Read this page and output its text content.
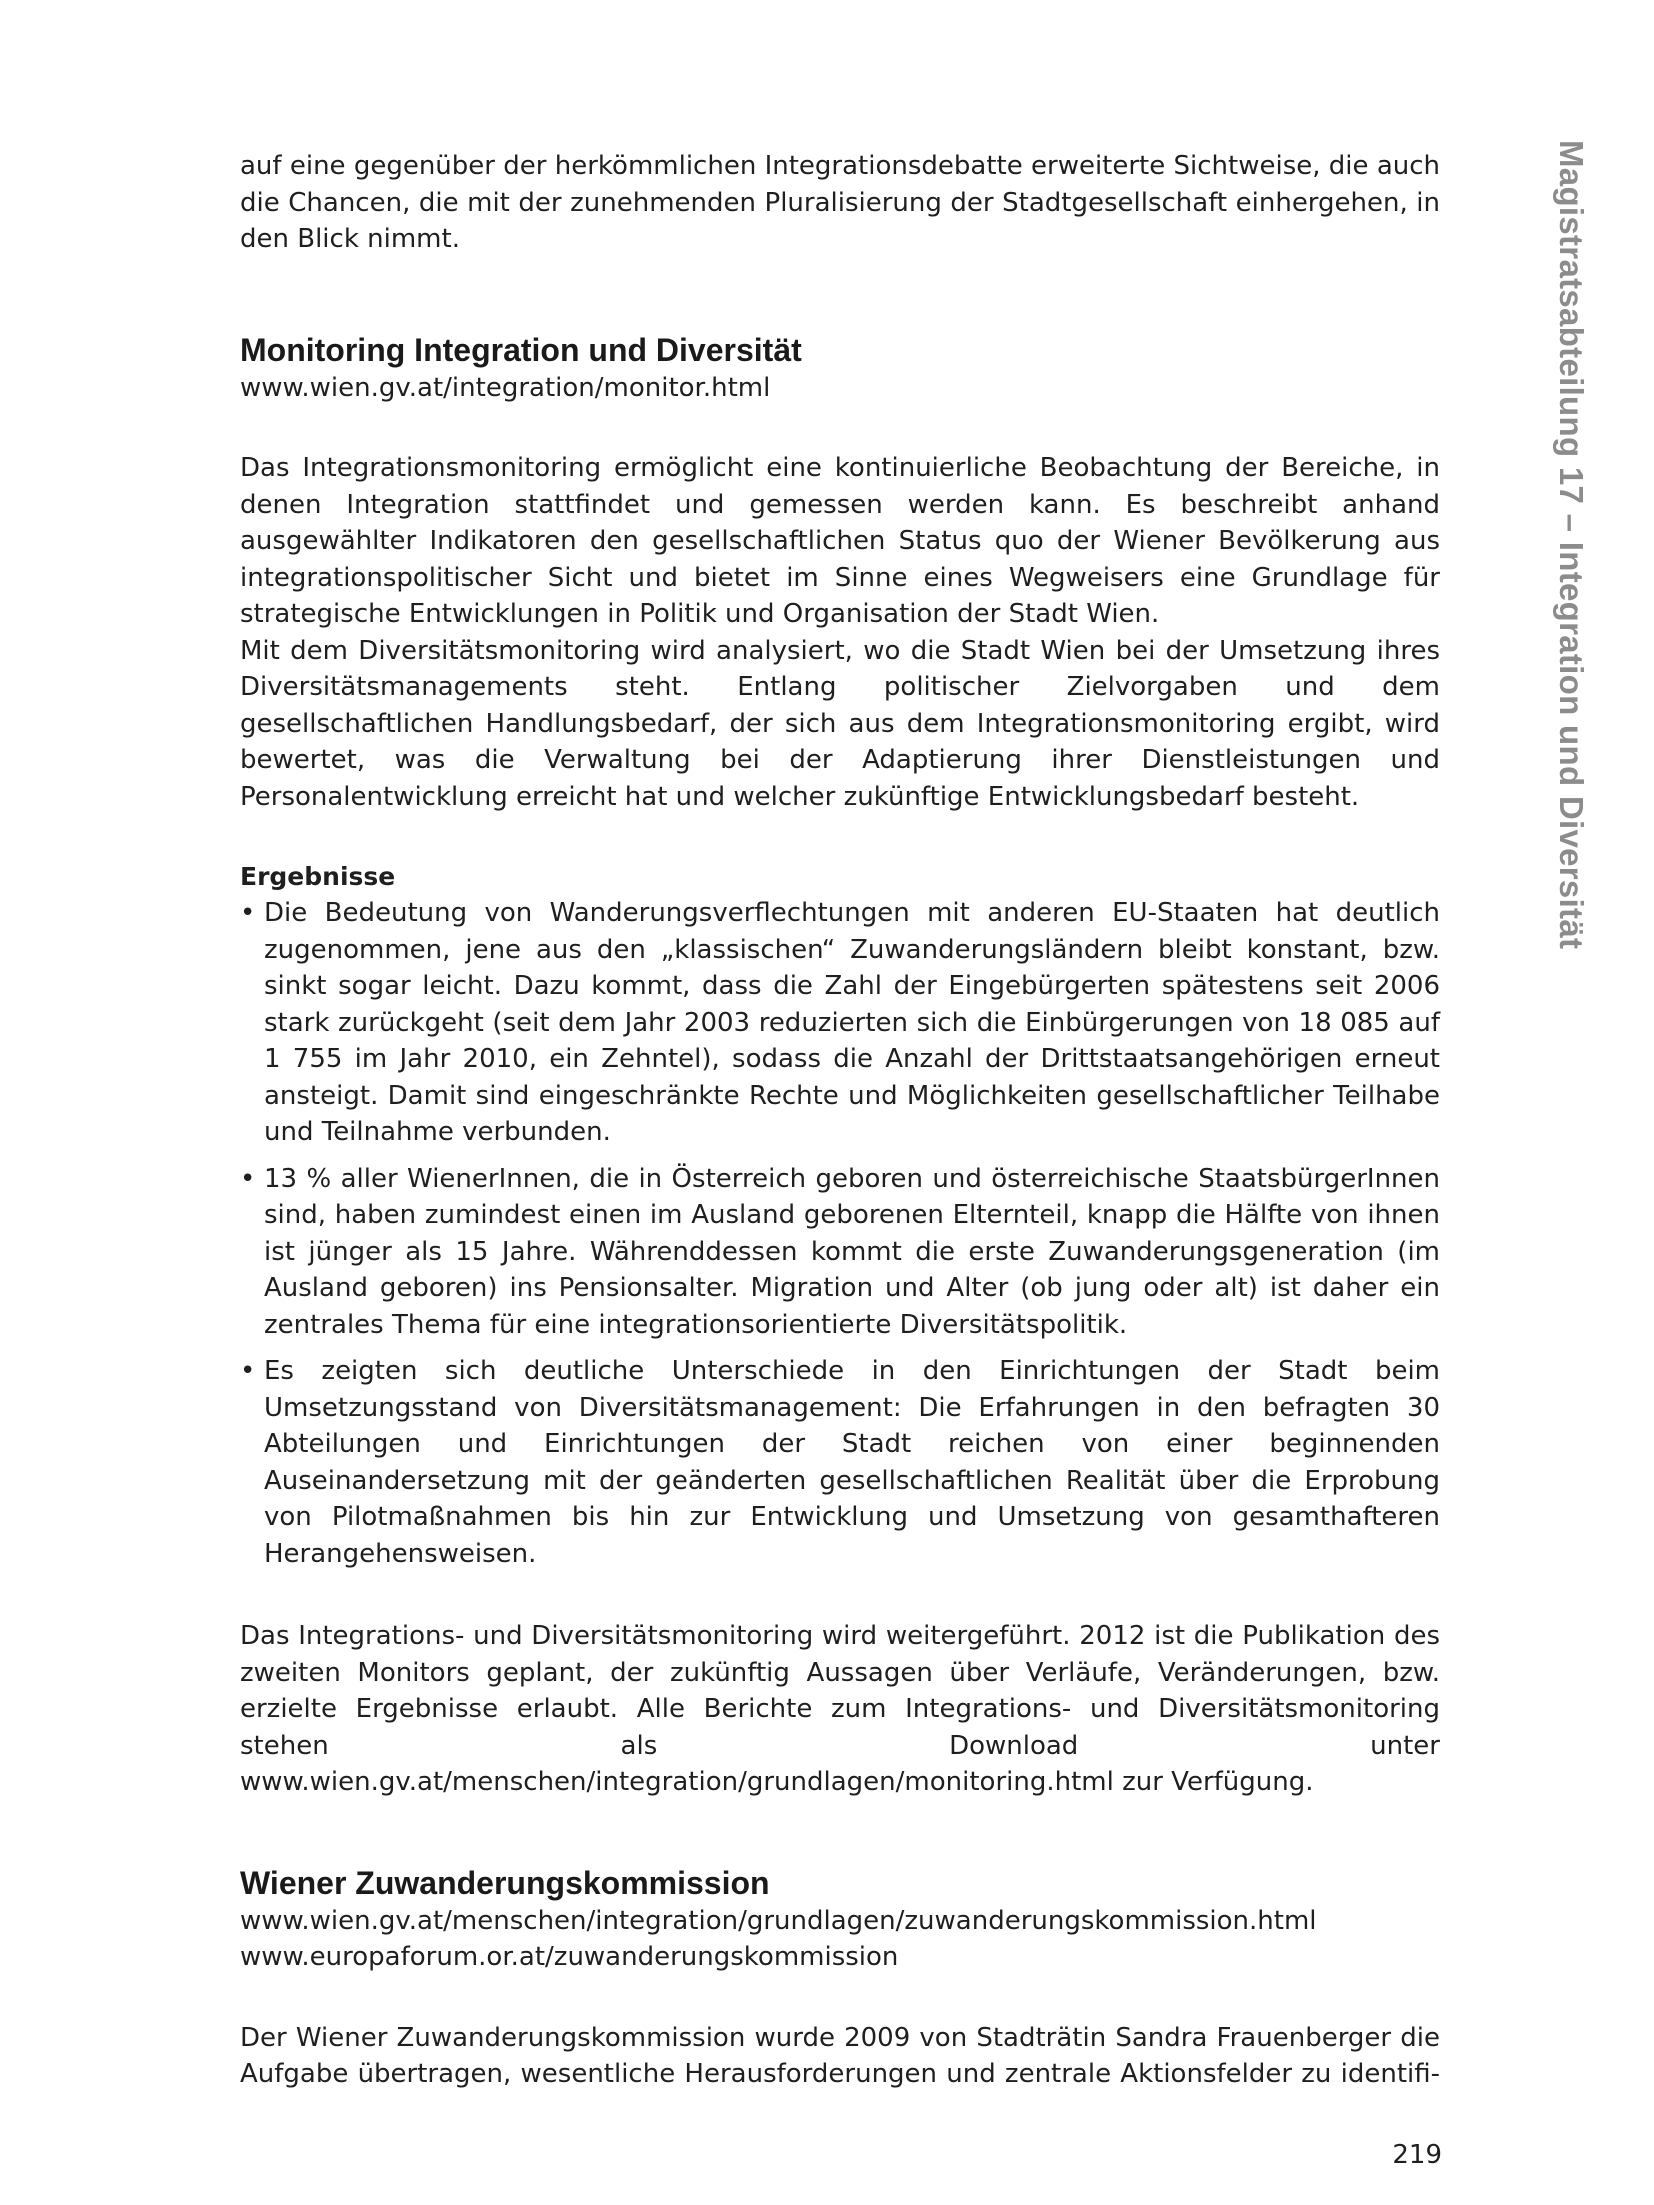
Magistratsabteilung 17 – Integration und Diversität

auf eine gegenüber der herkömmlichen Integrationsdebatte erweiterte Sichtweise, die auch
die Chancen, die mit der zunehmenden Pluralisierung der Stadtgesellschaft einhergehen, in
den Blick nimmt.

Monitoring Integration und Diversität
www.wien.gv.at/integration/monitor.html

Das Integrationsmonitoring ermöglicht eine kontinuierliche Beobachtung der Bereiche, in denen Integration stattfindet und gemessen werden kann. Es beschreibt anhand ausgewählter Indikatoren den gesellschaftlichen Status quo der Wiener Bevölkerung aus integrationspolitischer Sicht und bietet im Sinne eines Wegweisers eine Grundlage für strategische Entwicklungen in Politik und Organisation der Stadt Wien.

Mit dem Diversitätsmonitoring wird analysiert, wo die Stadt Wien bei der Umsetzung ihres Diversitätsmanagements steht. Entlang politischer Zielvorgaben und dem gesellschaftlichen Handlungsbedarf, der sich aus dem Integrationsmonitoring ergibt, wird bewertet, was die Verwaltung bei der Adaptierung ihrer Dienstleistungen und Personalentwicklung erreicht hat und welcher zukünftige Entwicklungsbedarf besteht.

Ergebnisse

• Die Bedeutung von Wanderungsverflechtungen mit anderen EU-Staaten hat deutlich zugenommen, jene aus den „klassischen“ Zuwanderungsländern bleibt konstant, bzw. sinkt sogar leicht. Dazu kommt, dass die Zahl der Eingebürgerten spätestens seit 2006 stark zurückgeht (seit dem Jahr 2003 reduzierten sich die Einbürgerungen von 18 085 auf 1 755 im Jahr 2010, ein Zehntel), sodass die Anzahl der Drittstaatsangehörigen erneut ansteigt. Damit sind eingeschränkte Rechte und Möglichkeiten gesellschaftlicher Teilhabe und Teilnahme verbunden.

• 13 % aller WienerInnen, die in Österreich geboren und österreichische StaatsbürgerInnen sind, haben zumindest einen im Ausland geborenen Elternteil, knapp die Hälfte von ihnen ist jünger als 15 Jahre. Währenddessen kommt die erste Zuwanderungsgeneration (im Ausland geboren) ins Pensionsalter. Migration und Alter (ob jung oder alt) ist daher ein zentrales Thema für eine integrationsorientierte Diversitätspolitik.

• Es zeigten sich deutliche Unterschiede in den Einrichtungen der Stadt beim Umsetzungsstand von Diversitätsmanagement: Die Erfahrungen in den befragten 30 Abteilungen und Einrichtungen der Stadt reichen von einer beginnenden Auseinandersetzung mit der geänderten gesellschaftlichen Realität über die Erprobung von Pilotmaßnahmen bis hin zur Entwicklung und Umsetzung von gesamthafteren Herangehensweisen.

Das Integrations- und Diversitätsmonitoring wird weitergeführt. 2012 ist die Publikation des zweiten Monitors geplant, der zukünftig Aussagen über Verläufe, Veränderungen, bzw. erzielte Ergebnisse erlaubt. Alle Berichte zum Integrations- und Diversitätsmonitoring stehen als Download unter www.wien.gv.at/menschen/integration/grundlagen/monitoring.html zur Verfügung.

Wiener Zuwanderungskommission
www.wien.gv.at/menschen/integration/grundlagen/zuwanderungskommission.html
www.europaforum.or.at/zuwanderungskommission

Der Wiener Zuwanderungskommission wurde 2009 von Stadträtin Sandra Frauenberger die Aufgabe übertragen, wesentliche Herausforderungen und zentrale Aktionsfelder zu identifi-

219
